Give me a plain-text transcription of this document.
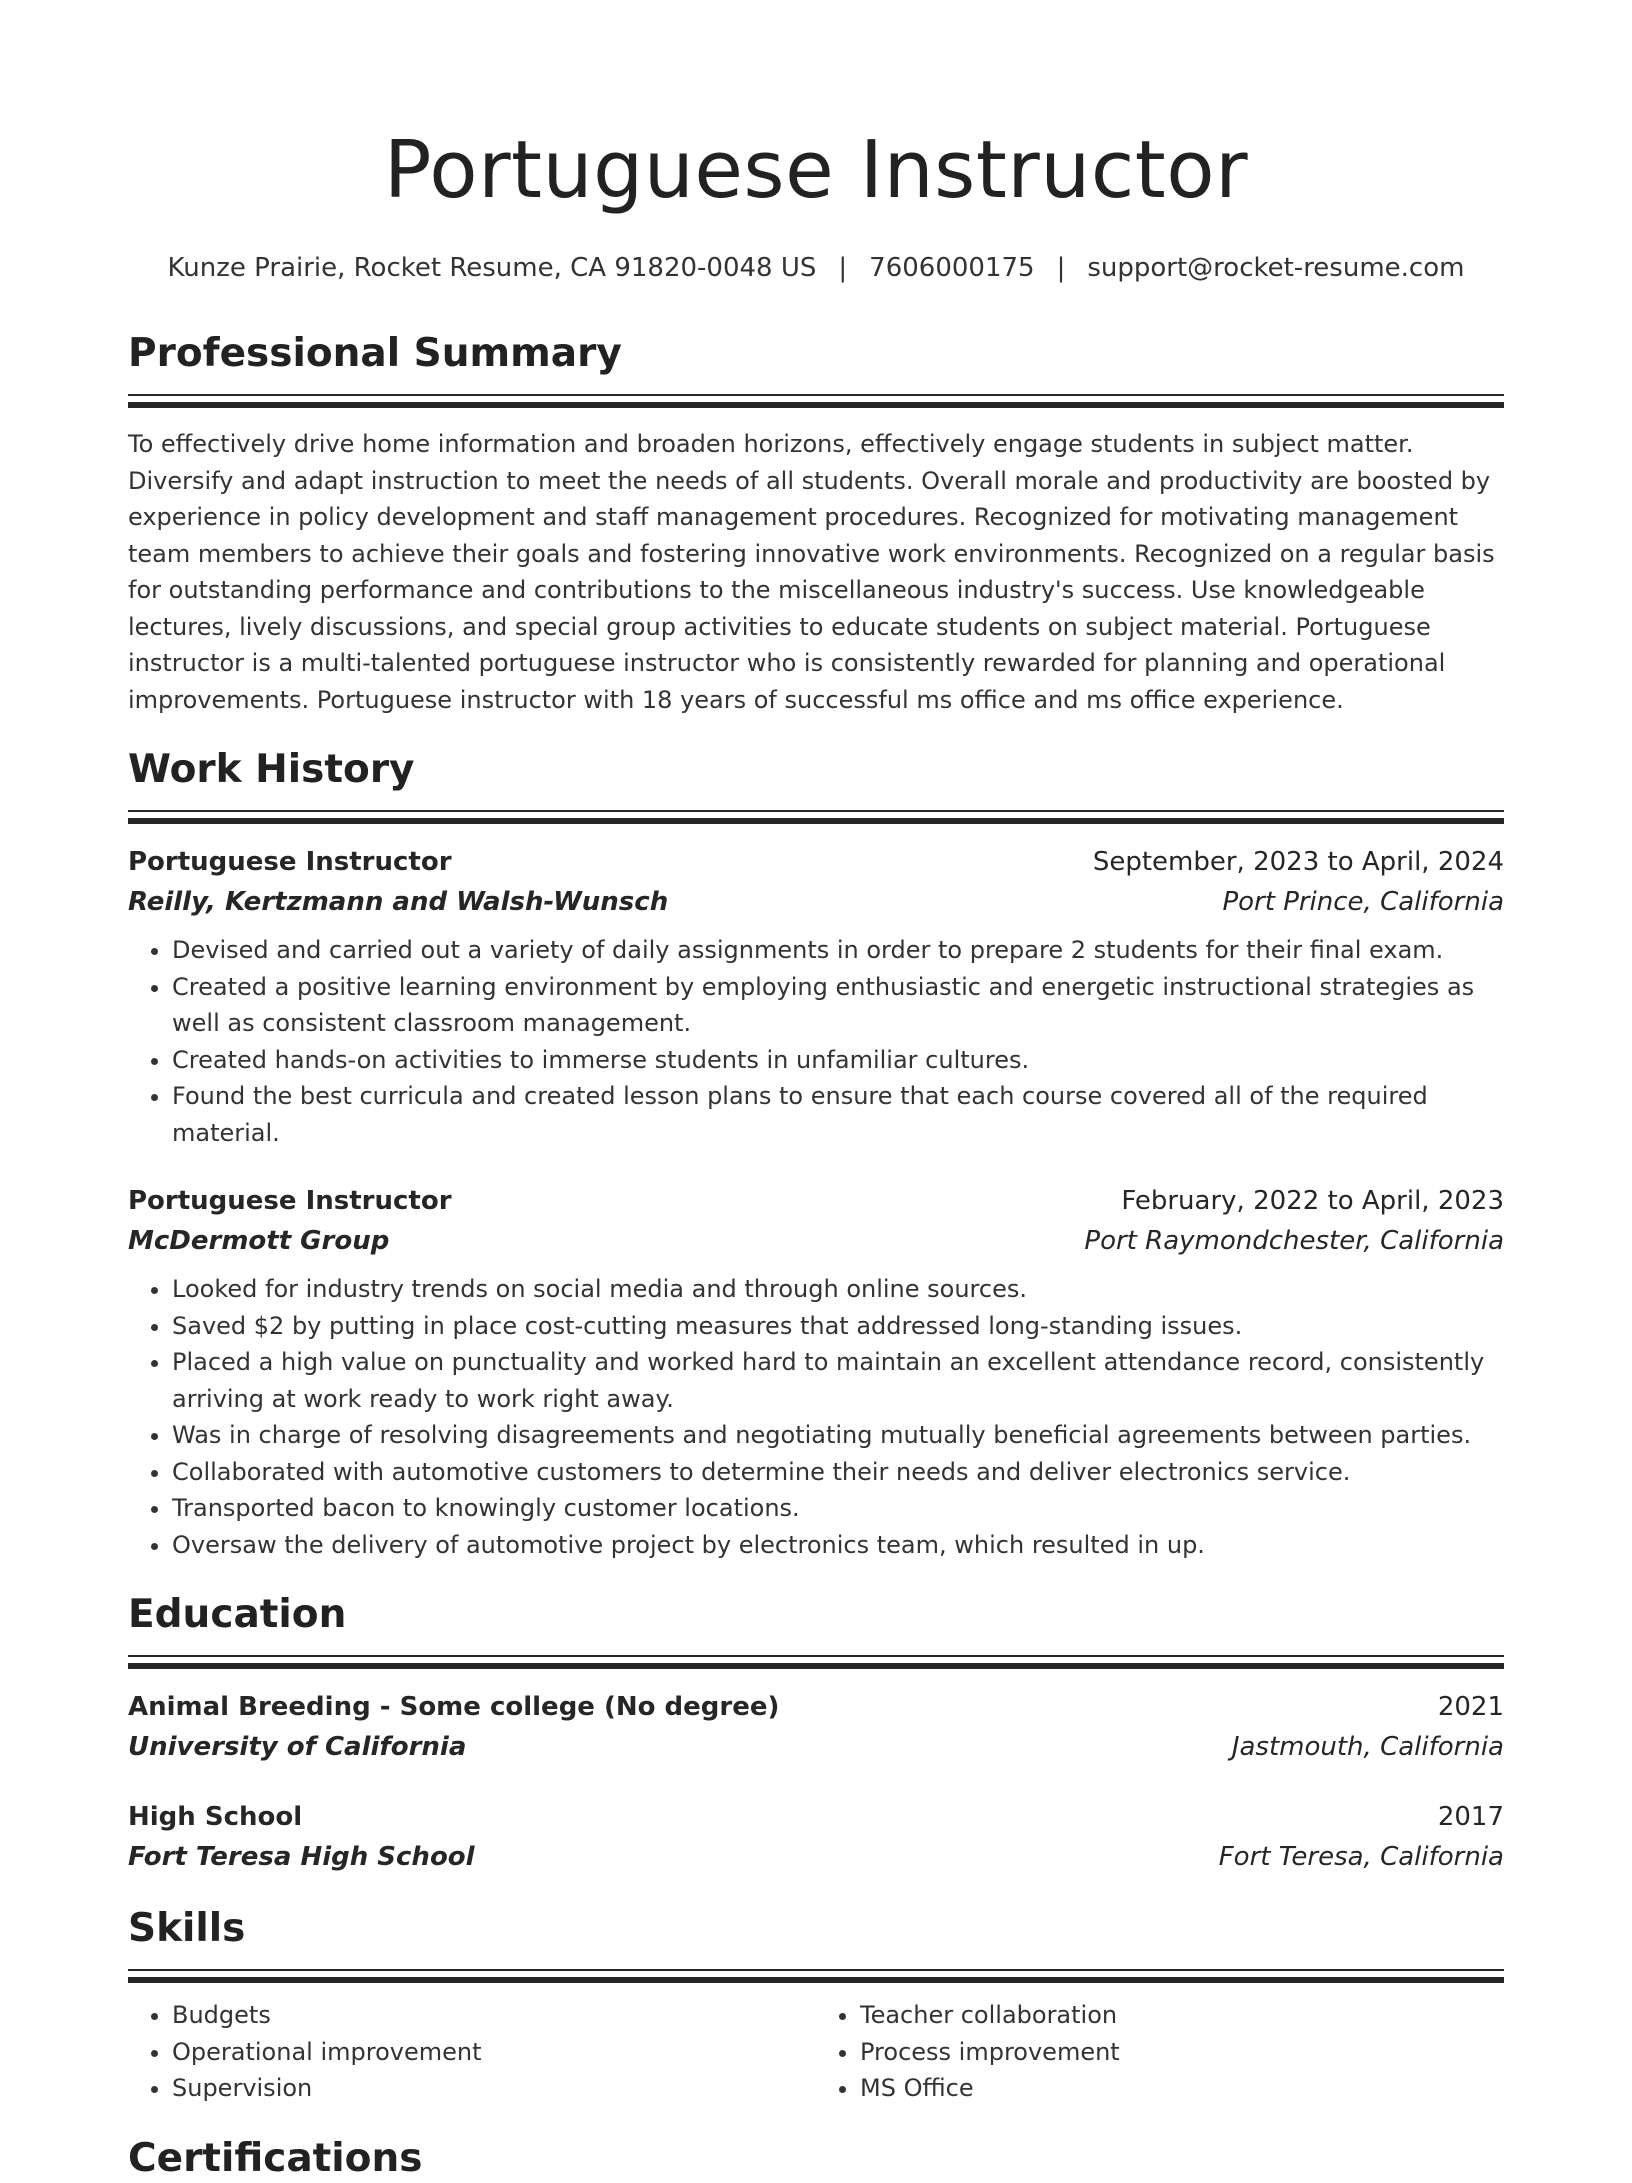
Portuguese Instructor
Kunze Prairie, Rocket Resume, CA 91820-0048 US | 7606000175 | support@rocket-resume.com
Professional Summary
To effectively drive home information and broaden horizons, effectively engage students in subject matter. Diversify and adapt instruction to meet the needs of all students. Overall morale and productivity are boosted by experience in policy development and staff management procedures. Recognized for motivating management team members to achieve their goals and fostering innovative work environments. Recognized on a regular basis for outstanding performance and contributions to the miscellaneous industry's success. Use knowledgeable lectures, lively discussions, and special group activities to educate students on subject material. Portuguese instructor is a multi-talented portuguese instructor who is consistently rewarded for planning and operational improvements. Portuguese instructor with 18 years of successful ms office and ms office experience.
Work History
Portuguese Instructor	September, 2023 to April, 2024
Reilly, Kertzmann and Walsh-Wunsch	Port Prince, California
• Devised and carried out a variety of daily assignments in order to prepare 2 students for their final exam.
• Created a positive learning environment by employing enthusiastic and energetic instructional strategies as well as consistent classroom management.
• Created hands-on activities to immerse students in unfamiliar cultures.
• Found the best curricula and created lesson plans to ensure that each course covered all of the required material.
Portuguese Instructor	February, 2022 to April, 2023
McDermott Group	Port Raymondchester, California
• Looked for industry trends on social media and through online sources.
• Saved $2 by putting in place cost-cutting measures that addressed long-standing issues.
• Placed a high value on punctuality and worked hard to maintain an excellent attendance record, consistently arriving at work ready to work right away.
• Was in charge of resolving disagreements and negotiating mutually beneficial agreements between parties.
• Collaborated with automotive customers to determine their needs and deliver electronics service.
• Transported bacon to knowingly customer locations.
• Oversaw the delivery of automotive project by electronics team, which resulted in up.
Education
Animal Breeding - Some college (No degree)	2021
University of California	Jastmouth, California
High School	2017
Fort Teresa High School	Fort Teresa, California
Skills
• Budgets
• Operational improvement
• Supervision
• Teacher collaboration
• Process improvement
• MS Office
Certifications
